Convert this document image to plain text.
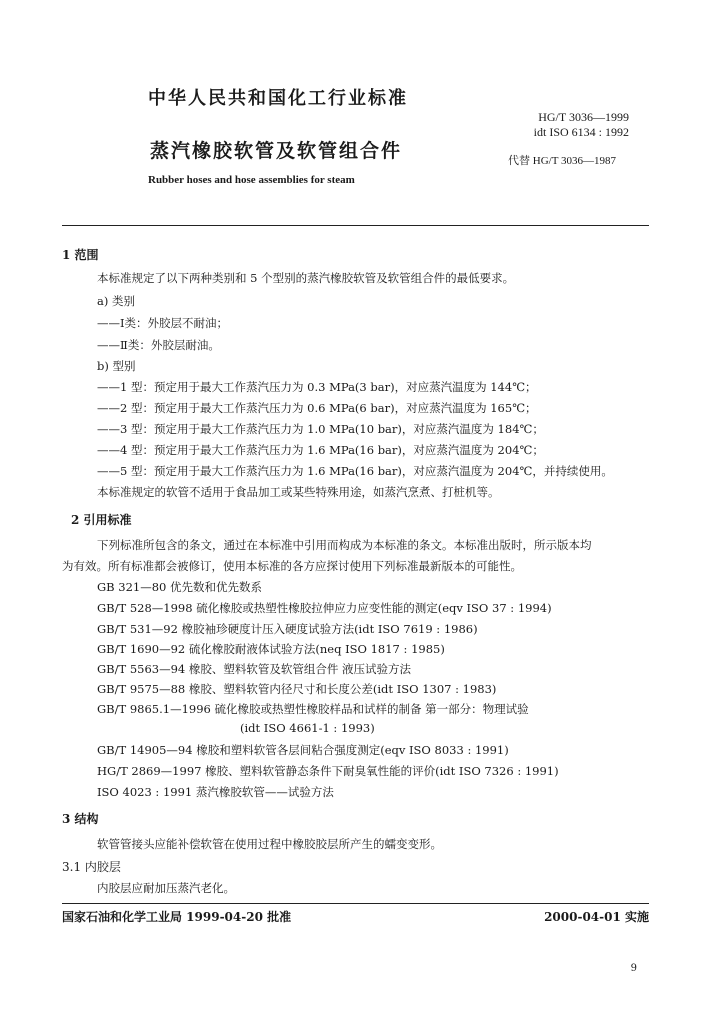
中华人民共和国化工行业标准
HG/T 3036—1999
idt ISO 6134 : 1992
蒸汽橡胶软管及软管组合件	代替 HG/T 3036—1987
Rubber hoses and hose assemblies for steam
1 范围
本标准规定了以下两种类别和 5 个型别的蒸汽橡胶软管及软管组合件的最低要求。
a) 类别
——Ⅰ类：外胶层不耐油；
——Ⅱ类：外胶层耐油。
b) 型别
——1 型：预定用于最大工作蒸汽压力为 0.3 MPa(3 bar)，对应蒸汽温度为 144℃；
——2 型：预定用于最大工作蒸汽压力为 0.6 MPa(6 bar)，对应蒸汽温度为 165℃；
——3 型：预定用于最大工作蒸汽压力为 1.0 MPa(10 bar)，对应蒸汽温度为 184℃；
——4 型：预定用于最大工作蒸汽压力为 1.6 MPa(16 bar)，对应蒸汽温度为 204℃；
——5 型：预定用于最大工作蒸汽压力为 1.6 MPa(16 bar)，对应蒸汽温度为 204℃，并持续使用。
本标准规定的软管不适用于食品加工或某些特殊用途，如蒸汽烹煮、打桩机等。
2 引用标准
下列标准所包含的条文，通过在本标准中引用而构成为本标准的条文。本标准出版时，所示版本均
为有效。所有标准都会被修订，使用本标准的各方应探讨使用下列标准最新版本的可能性。
GB 321—80 优先数和优先数系
GB/T 528—1998 硫化橡胶或热塑性橡胶拉伸应力应变性能的测定(eqv ISO 37 : 1994)
GB/T 531—92 橡胶袖珍硬度计压入硬度试验方法(idt ISO 7619 : 1986)
GB/T 1690—92 硫化橡胶耐液体试验方法(neq ISO 1817 : 1985)
GB/T 5563—94 橡胶、塑料软管及软管组合件 液压试验方法
GB/T 9575—88 橡胶、塑料软管内径尺寸和长度公差(idt ISO 1307 : 1983)
GB/T 9865.1—1996 硫化橡胶或热塑性橡胶样品和试样的制备 第一部分：物理试验
(idt ISO 4661-1 : 1993)
GB/T 14905—94 橡胶和塑料软管各层间粘合强度测定(eqv ISO 8033 : 1991)
HG/T 2869—1997 橡胶、塑料软管静态条件下耐臭氧性能的评价(idt ISO 7326 : 1991)
ISO 4023 : 1991 蒸汽橡胶软管——试验方法
3 结构
软管管接头应能补偿软管在使用过程中橡胶胶层所产生的蠕变变形。
3.1 内胶层
内胶层应耐加压蒸汽老化。
国家石油和化学工业局 1999-04-20 批准	2000-04-01 实施
9
